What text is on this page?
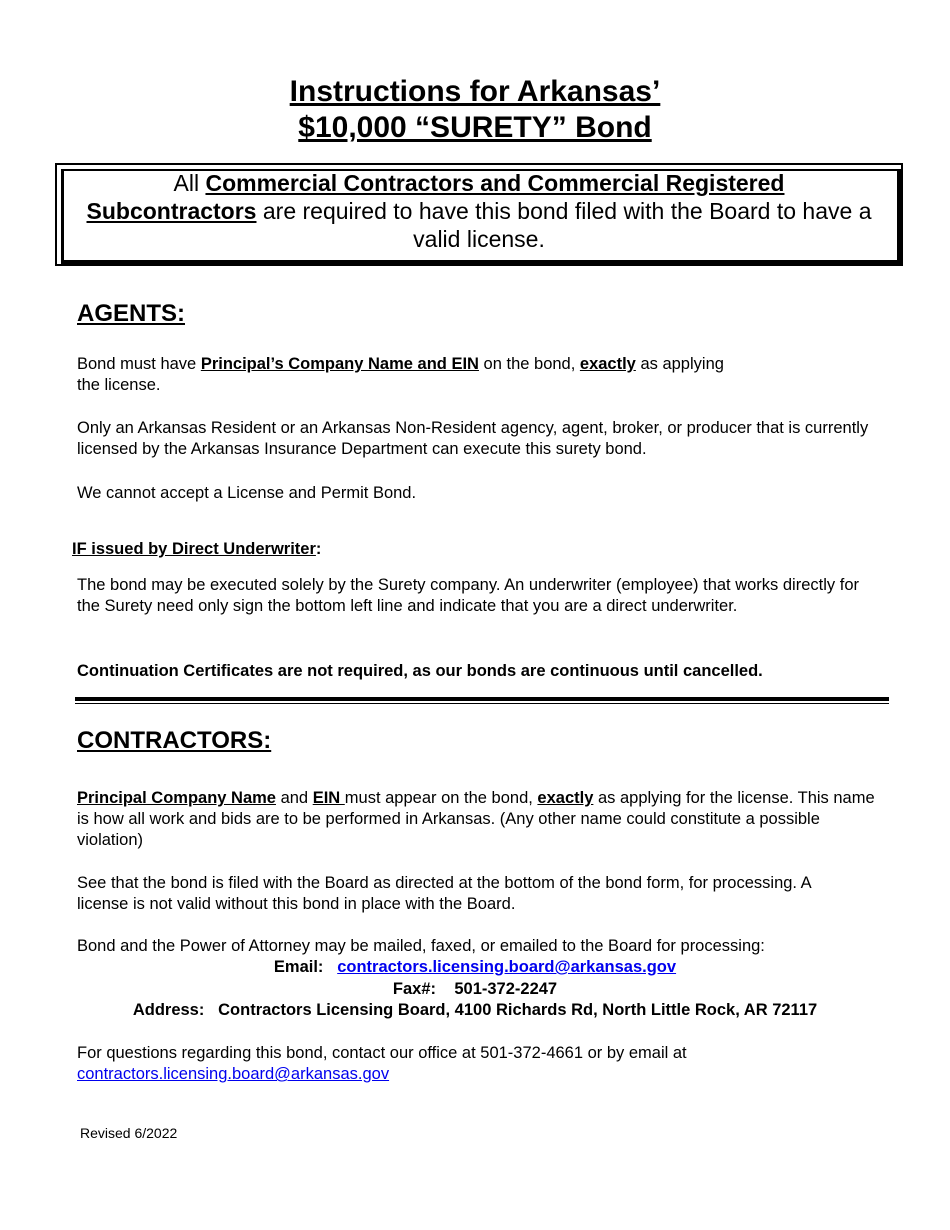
Instructions for Arkansas’
$10,000 “SURETY” Bond
All Commercial Contractors and Commercial Registered
Subcontractors are required to have this bond filed with the Board to have a valid license.
AGENTS:
Bond must have Principal’s Company Name and EIN on the bond, exactly as applying
the license.
Only an Arkansas Resident or an Arkansas Non-Resident agency, agent, broker, or producer that is currently licensed by the Arkansas Insurance Department can execute this surety bond.
We cannot accept a License and Permit Bond.
IF issued by Direct Underwriter:
The bond may be executed solely by the Surety company. An underwriter (employee) that works directly for the Surety need only sign the bottom left line and indicate that you are a direct underwriter.
Continuation Certificates are not required, as our bonds are continuous until cancelled.
CONTRACTORS:
Principal Company Name and EIN must appear on the bond, exactly as applying for the license. This name is how all work and bids are to be performed in Arkansas. (Any other name could constitute a possible violation)
See that the bond is filed with the Board as directed at the bottom of the bond form, for processing. A license is not valid without this bond in place with the Board.
Bond and the Power of Attorney may be mailed, faxed, or emailed to the Board for processing:
Email: contractors.licensing.board@arkansas.gov
Fax#: 501-372-2247
Address: Contractors Licensing Board, 4100 Richards Rd, North Little Rock, AR 72117
For questions regarding this bond, contact our office at 501-372-4661 or by email at
contractors.licensing.board@arkansas.gov
Revised 6/2022
